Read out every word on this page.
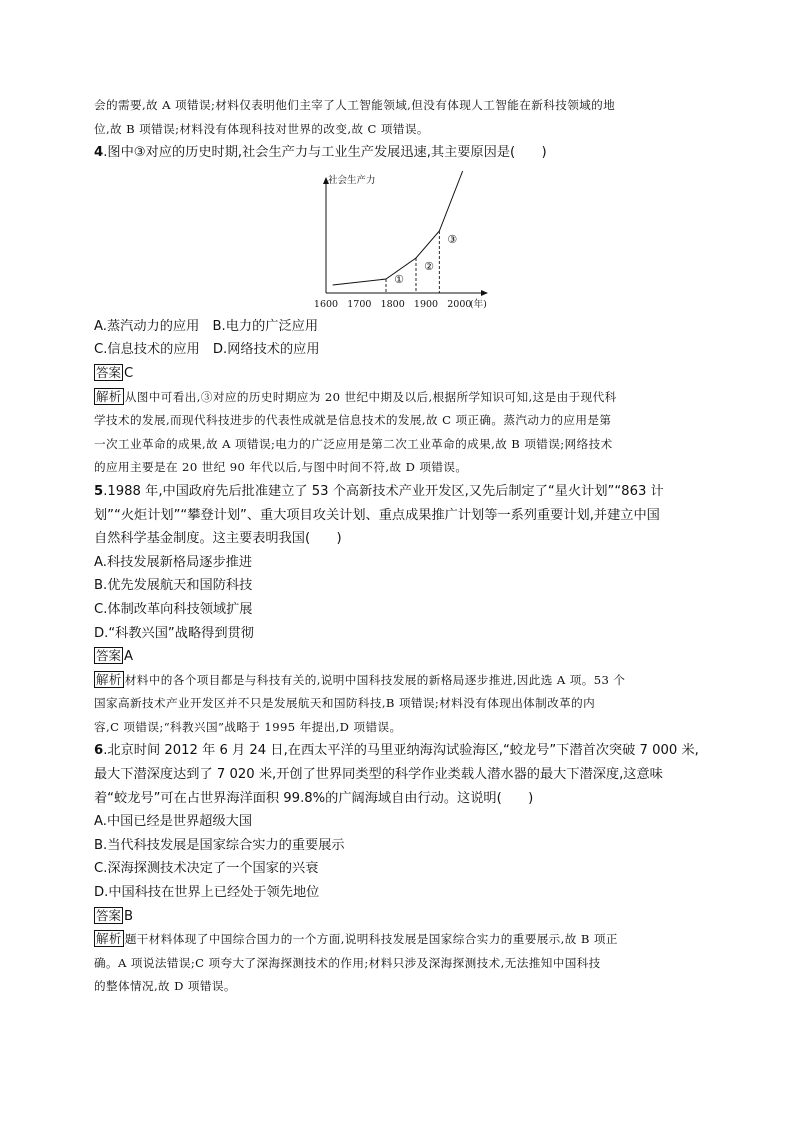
会的需要,故 A 项错误;材料仅表明他们主宰了人工智能领域,但没有体现人工智能在新科技领域的地

位,故 B 项错误;材料没有体现科技对世界的改变,故 C 项错误。

4.图中③对应的历史时期,社会生产力与工业生产发展迅速,其主要原因是(　　)

社会生产力
1600 1700 1800 1900 2000
(年)
①
②
③

A.蒸汽动力的应用　B.电力的广泛应用

C.信息技术的应用　D.网络技术的应用

答案 C

解析 从图中可看出,③对应的历史时期应为 20 世纪中期及以后,根据所学知识可知,这是由于现代科

学技术的发展,而现代科技进步的代表性成就是信息技术的发展,故 C 项正确。蒸汽动力的应用是第

一次工业革命的成果,故 A 项错误;电力的广泛应用是第二次工业革命的成果,故 B 项错误;网络技术

的应用主要是在 20 世纪 90 年代以后,与图中时间不符,故 D 项错误。

5.1988 年,中国政府先后批准建立了 53 个高新技术产业开发区,又先后制定了“星火计划”“863 计

划”“火炬计划”“攀登计划”、重大项目攻关计划、重点成果推广计划等一系列重要计划,并建立中国

自然科学基金制度。这主要表明我国(　　)

A.科技发展新格局逐步推进

B.优先发展航天和国防科技

C.体制改革向科技领域扩展

D.“科教兴国”战略得到贯彻

答案 A

解析 材料中的各个项目都是与科技有关的,说明中国科技发展的新格局逐步推进,因此选 A 项。53 个

国家高新技术产业开发区并不只是发展航天和国防科技,B 项错误;材料没有体现出体制改革的内

容,C 项错误;“科教兴国”战略于 1995 年提出,D 项错误。

6.北京时间 2012 年 6 月 24 日,在西太平洋的马里亚纳海沟试验海区,“蛟龙号”下潜首次突破 7 000 米,

最大下潜深度达到了 7 020 米,开创了世界同类型的科学作业类载人潜水器的最大下潜深度,这意味

着“蛟龙号”可在占世界海洋面积 99.8%的广阔海域自由行动。这说明(　　)

A.中国已经是世界超级大国

B.当代科技发展是国家综合实力的重要展示

C.深海探测技术决定了一个国家的兴衰

D.中国科技在世界上已经处于领先地位

答案 B

解析 题干材料体现了中国综合国力的一个方面,说明科技发展是国家综合实力的重要展示,故 B 项正

确。A 项说法错误;C 项夸大了深海探测技术的作用;材料只涉及深海探测技术,无法推知中国科技

的整体情况,故 D 项错误。
